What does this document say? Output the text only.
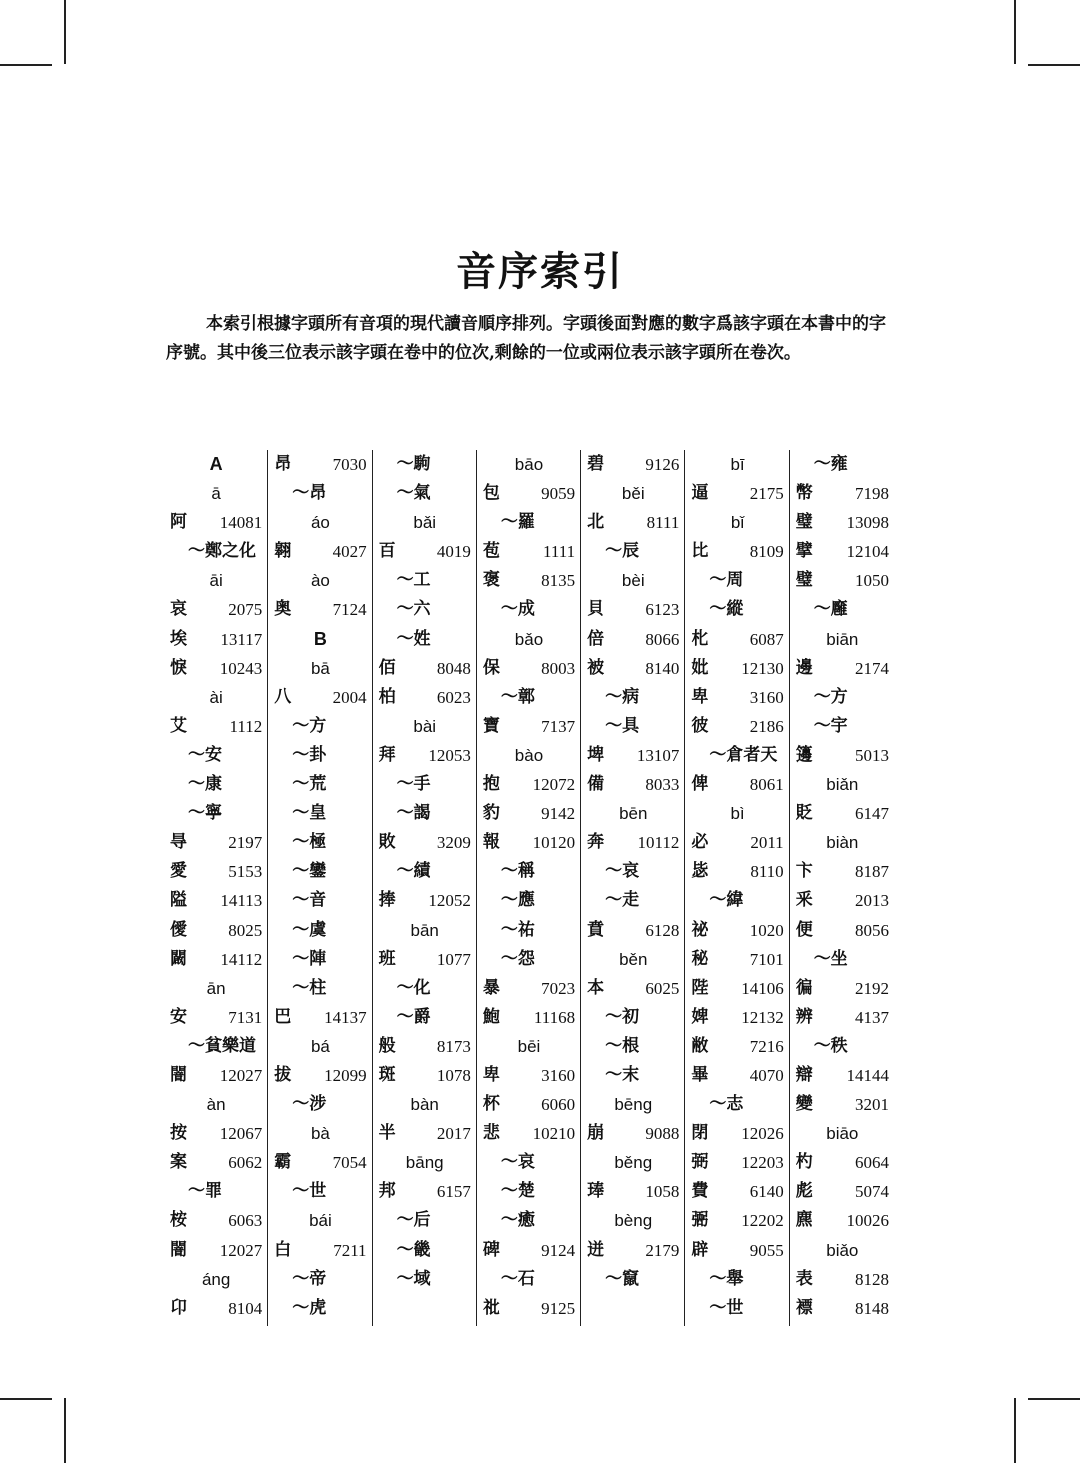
音序索引
本索引根據字頭所有音項的現代讀音順序排列。字頭後面對應的數字爲該字頭在本書中的字序號。其中後三位表示該字頭在卷中的位次,剩餘的一位或兩位表示該字頭所在卷次。
A
ā
阿 14081
～鄭之化
āi
哀 2075
埃 13117
悷 10243
ài
艾	1112
～安
～康
～寧
㝵 2197
愛 5153
隘 14113
僾 8025
闙 14112
ān
安 7131
～貧樂道
闇 12027
àn
按 12067
案 6062
～罪
桉 6063
闇 12027
áng
卬 8104
昂 7030
～昂
áo
翱 4027
ào
奥 7124
B
bā
八 2004
～方
～卦
～荒
～皇
～極
～鑾
～音
～虞
～陣
～柱
巴 14137
bá
拔 12099
～涉
bà
霸 7054
～世
bái
白 7211
～帝
～虎
～駒
～氣
bǎi
百 4019
～工
～六
～姓
佰 8048
柏 6023
bài
拜 12053
～手
～謁
敗 3209
～績
捧 12052
bān
班 1077
～化
～爵
般 8173
斑 1078
bàn
半 2017
bāng
邦 6157
～后
～畿
～域
bāo
包 9059
～羅
苞	1111
褒 8135
～成
bǎo
保 8003
～鄣
寶 7137
bào
抱 12072
豹 9142
報 10120
～稱
～應
～祐
～怨
暴 7023
鮑 11168
bēi
卑 3160
杯 6060
悲 10210
～哀
～楚
～癒
碑 9124
～石
䃾 9125
碧 9126
běi
北	8111
～辰
bèi
貝 6123
倍 8066
被 8140
～病
～具
埤 13107
備 8033
bēn
奔 10112
～哀
～走
賁 6128
běn
本 6025
～初
～根
～末
bēng
崩 9088
běng
琫 1058
bèng
迸 2179
～竄
bī
逼 2175
bǐ
比 8109
～周
～縱
朼 6087
妣 12130
卑 3160
彼 2186
～倉者天
俾 8061
bì
必 2011
毖 8110
～緯
祕 1020
秘 7101
陛 14106
婢 12132
敝 7216
畢 4070
～志
閉 12026
弼 12203
費 6140
弻 12202
辟 9055
～舉
～世
～雍
幣 7198
璧 13098
擘 12104
璧 1050
～廱
biān
邊 2174
～方
～宇
籩 5013
biǎn
貶 6147
biàn
卞 8187
釆 2013
便 8056
～坐
徧 2192
辨 4137
～秩
辯 14144
變 3201
biāo
杓 6064
彪 5074
麃 10026
biǎo
表 8128
褾 8148
